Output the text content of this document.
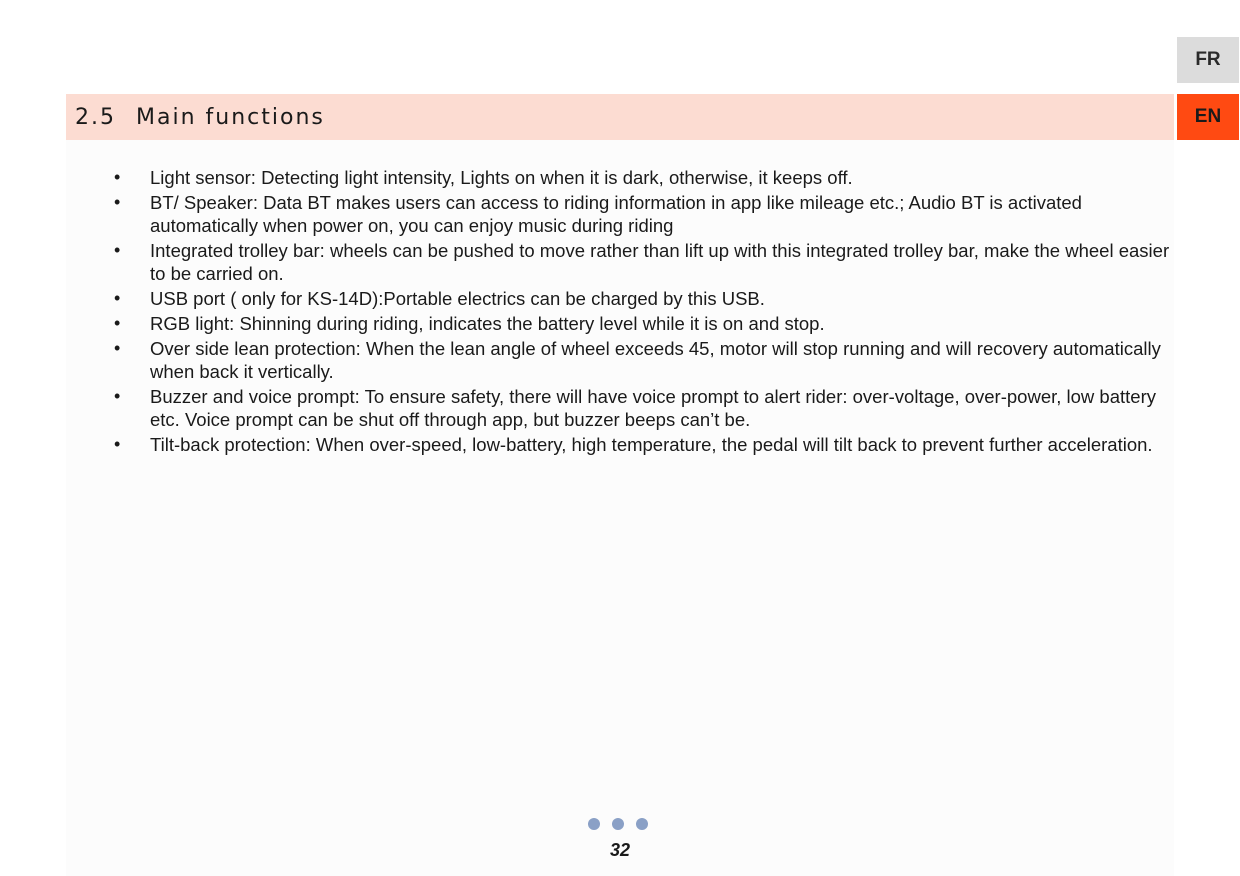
FR
EN
2.5 Main functions
•	Light sensor: Detecting light intensity, Lights on when it is dark, otherwise, it keeps off.
•	BT/ Speaker: Data BT makes users can access to riding information in app like mileage etc.; Audio BT is activated automatically when power on, you can enjoy music during riding
•	Integrated trolley bar: wheels can be pushed to move rather than lift up with this integrated trolley bar, make the wheel easier to be carried on.
•	USB port ( only for KS-14D):Portable electrics can be charged by this USB.
•	RGB light: Shinning during riding, indicates the battery level while it is on and stop.
•	Over side lean protection: When the lean angle of wheel exceeds 45, motor will stop running and will recovery automatically when back it vertically.
•	Buzzer and voice prompt: To ensure safety, there will have voice prompt to alert rider: over-voltage, over-power, low battery etc. Voice prompt can be shut off through app, but buzzer beeps can’t be.
•	Tilt-back protection: When over-speed, low-battery, high temperature, the pedal will tilt back to prevent further acceleration.
32
